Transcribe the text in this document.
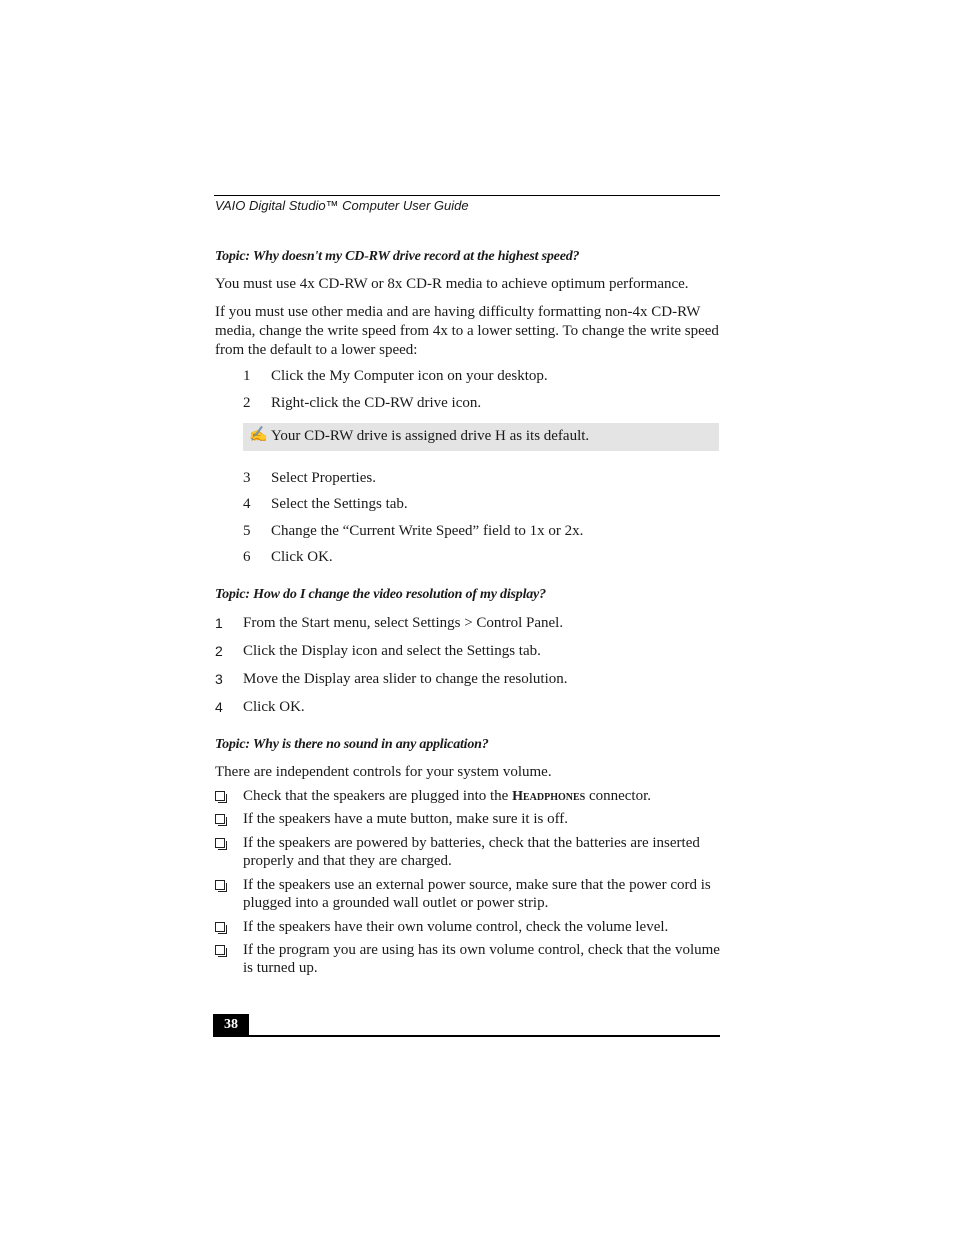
VAIO Digital Studio™ Computer User Guide
Topic: Why doesn't my CD-RW drive record at the highest speed?
You must use 4x CD-RW or 8x CD-R media to achieve optimum performance.
If you must use other media and are having difficulty formatting non-4x CD-RW media, change the write speed from 4x to a lower setting. To change the write speed from the default to a lower speed:
1 Click the My Computer icon on your desktop.
2 Right-click the CD-RW drive icon.
✍ Your CD-RW drive is assigned drive H as its default.
3 Select Properties.
4 Select the Settings tab.
5 Change the “Current Write Speed” field to 1x or 2x.
6 Click OK.
Topic: How do I change the video resolution of my display?
1 From the Start menu, select Settings > Control Panel.
2 Click the Display icon and select the Settings tab.
3 Move the Display area slider to change the resolution.
4 Click OK.
Topic: Why is there no sound in any application?
There are independent controls for your system volume.
Check that the speakers are plugged into the Headphones connector.
If the speakers have a mute button, make sure it is off.
If the speakers are powered by batteries, check that the batteries are inserted properly and that they are charged.
If the speakers use an external power source, make sure that the power cord is plugged into a grounded wall outlet or power strip.
If the speakers have their own volume control, check the volume level.
If the program you are using has its own volume control, check that the volume is turned up.
38
